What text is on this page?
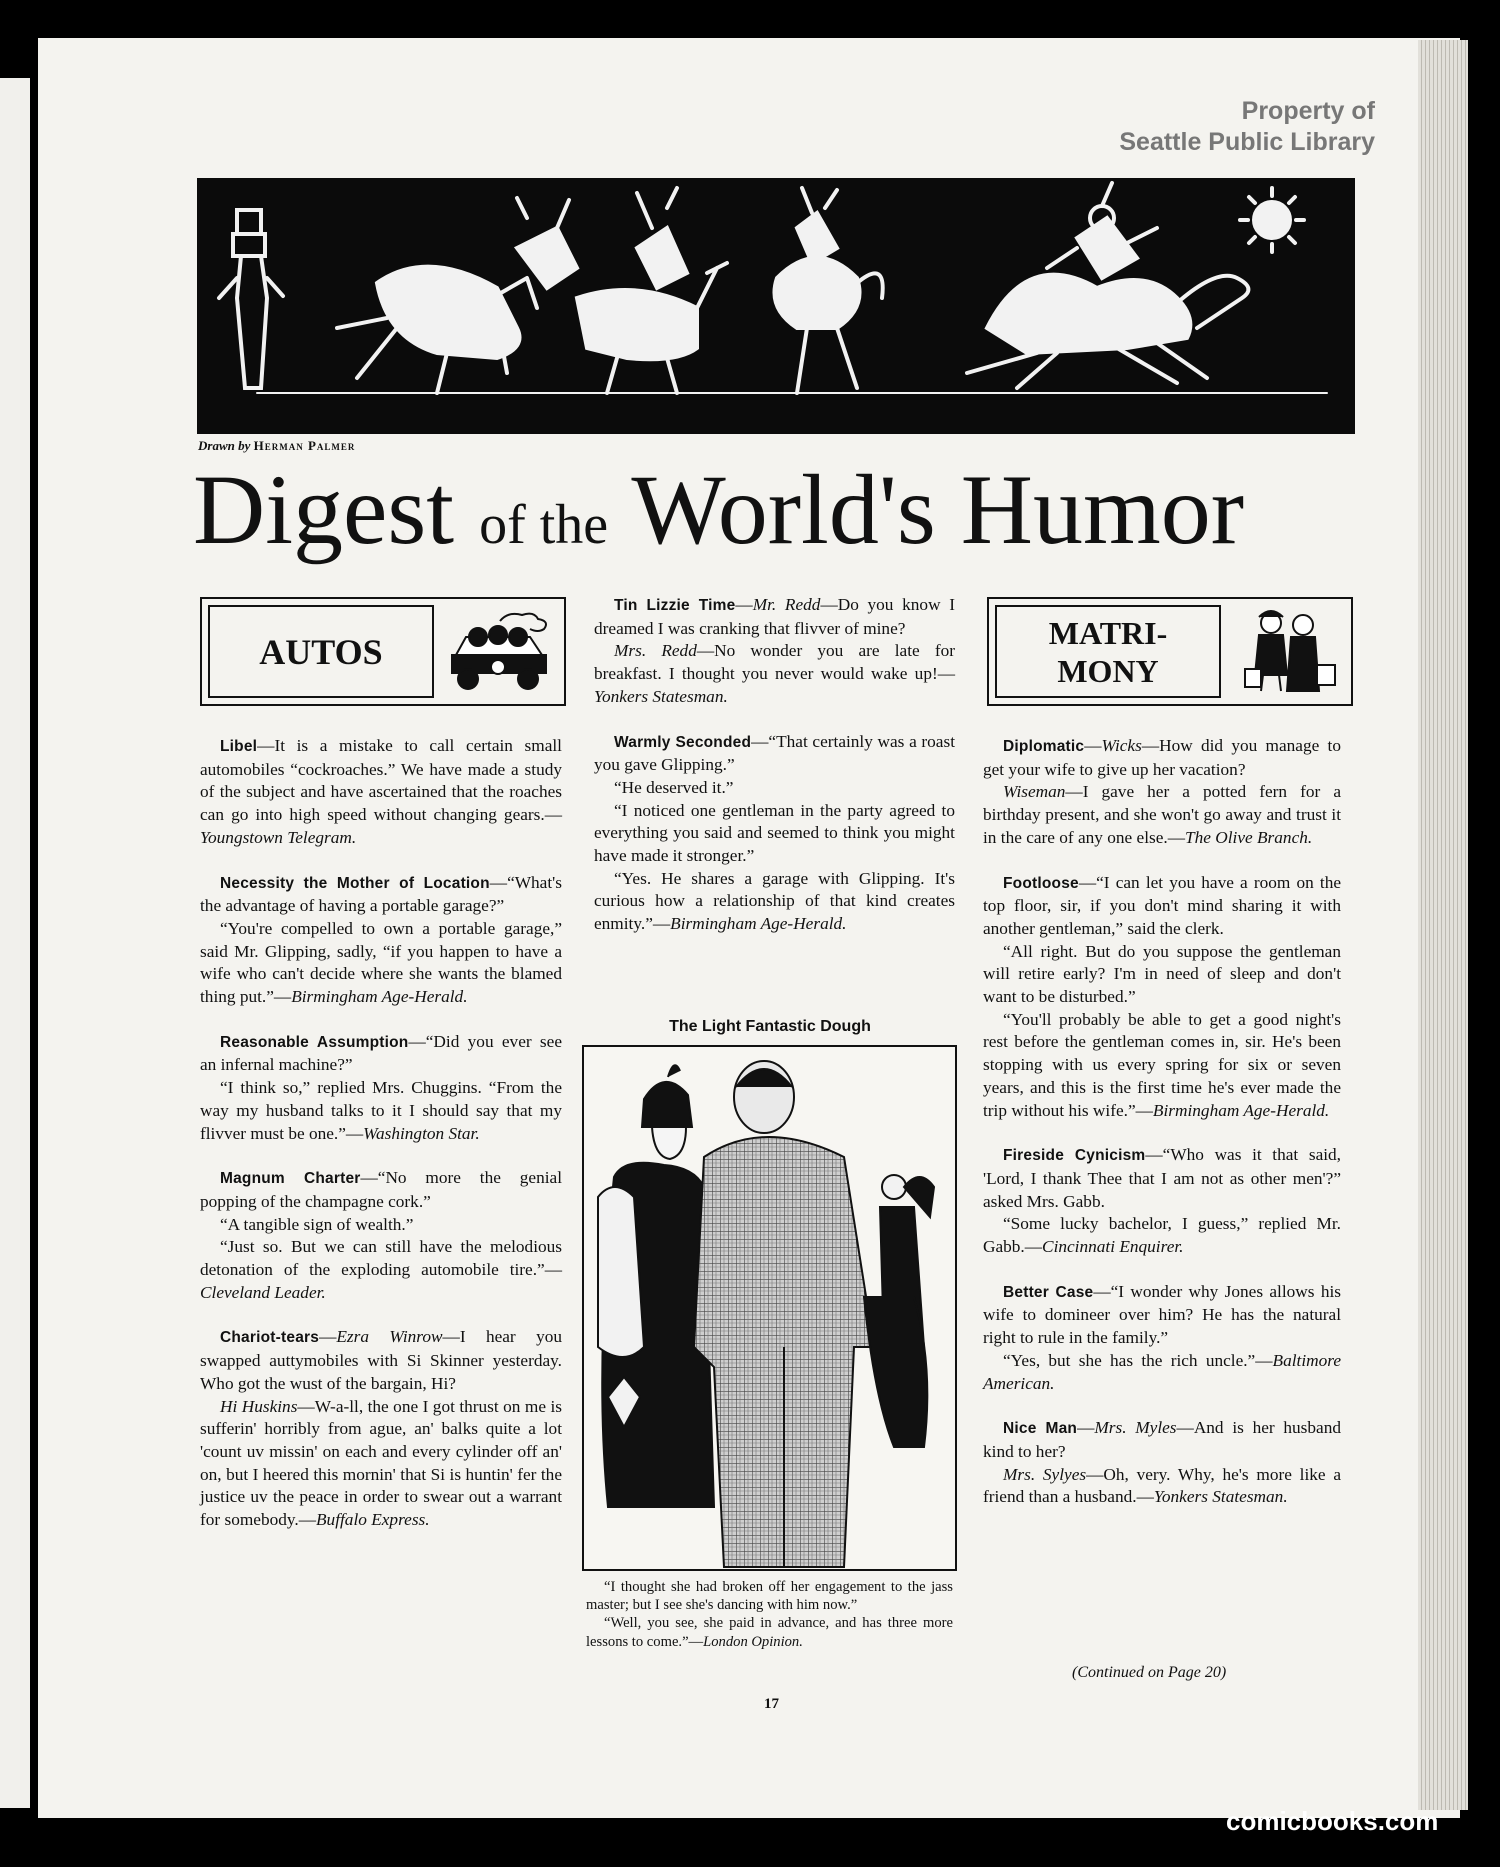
Property of
Seattle Public Library
Drawn by Herman Palmer
Digest of the World's Humor
AUTOS	MATRI-
MONY

Libel—It is a mistake to call certain small automobiles “cockroaches.” We have made a study of the subject and have ascertained that the roaches can go into high speed without changing gears.—Youngstown Telegram.

Necessity the Mother of Location—“What's the advantage of having a portable garage?”

“You're compelled to own a portable garage,” said Mr. Glipping, sadly, “if you happen to have a wife who can't decide where she wants the blamed thing put.”—Birmingham Age-Herald.

Reasonable Assumption—“Did you ever see an infernal machine?”

“I think so,” replied Mrs. Chuggins. “From the way my husband talks to it I should say that my flivver must be one.”—Washington Star.

Magnum Charter—“No more the genial popping of the champagne cork.”

“A tangible sign of wealth.”

“Just so. But we can still have the melodious detonation of the exploding automobile tire.”—Cleveland Leader.

Chariot-tears—Ezra Winrow—I hear you swapped auttymobiles with Si Skinner yesterday. Who got the wust of the bargain, Hi?

Hi Huskins—W-a-ll, the one I got thrust on me is sufferin' horribly from ague, an' balks quite a lot 'count uv missin' on each and every cylinder off an' on, but I heered this mornin' that Si is huntin' fer the justice uv the peace in order to swear out a warrant for somebody.—Buffalo Express.

Tin Lizzie Time—Mr. Redd—Do you know I dreamed I was cranking that flivver of mine?

Mrs. Redd—No wonder you are late for breakfast. I thought you never would wake up!—Yonkers Statesman.

Warmly Seconded—“That certainly was a roast you gave Glipping.”

“He deserved it.”

“I noticed one gentleman in the party agreed to everything you said and seemed to think you might have made it stronger.”

“Yes. He shares a garage with Glipping. It's curious how a relationship of that kind creates enmity.”—Birmingham Age-Herald.

Diplomatic—Wicks—How did you manage to get your wife to give up her vacation?

Wiseman—I gave her a potted fern for a birthday present, and she won't go away and trust it in the care of any one else.—The Olive Branch.

Footloose—“I can let you have a room on the top floor, sir, if you don't mind sharing it with another gentleman,” said the clerk.

“All right. But do you suppose the gentleman will retire early? I'm in need of sleep and don't want to be disturbed.”

“You'll probably be able to get a good night's rest before the gentleman comes in, sir. He's been stopping with us every spring for six or seven years, and this is the first time he's ever made the trip without his wife.”—Birmingham Age-Herald.

Fireside Cynicism—“Who was it that said, 'Lord, I thank Thee that I am not as other men'?” asked Mrs. Gabb.

“Some lucky bachelor, I guess,” replied Mr. Gabb.—Cincinnati Enquirer.

Better Case—“I wonder why Jones allows his wife to domineer over him? He has the natural right to rule in the family.”

“Yes, but she has the rich uncle.”—Baltimore American.

Nice Man—Mrs. Myles—And is her husband kind to her?

Mrs. Sylyes—Oh, very. Why, he's more like a friend than a husband.—Yonkers Statesman.

The Light Fantastic Dough

“I thought she had broken off her engagement to the jass master; but I see she's dancing with him now.”

“Well, you see, she paid in advance, and has three more lessons to come.”—London Opinion.

(Continued on Page 20)
17
comicbooks.com
